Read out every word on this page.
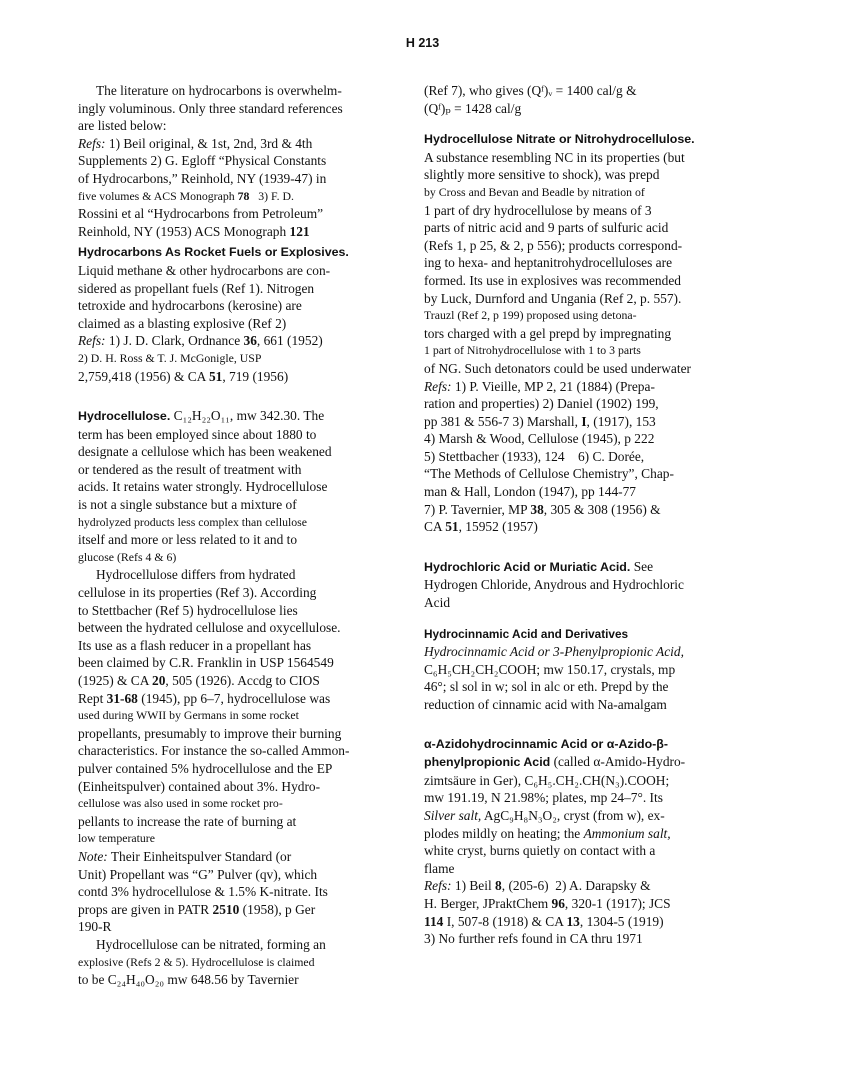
H 213
The literature on hydrocarbons is overwhelm-
ingly voluminous. Only three standard references
are listed below:
Refs: 1) Beil original, & 1st, 2nd, 3rd & 4th
Supplements 2) G. Egloff “Physical Constants
of Hydrocarbons,” Reinhold, NY (1939-47) in
five volumes & ACS Monograph 78   3) F. D.
Rossini et al “Hydrocarbons from Petroleum”
Reinhold, NY (1953) ACS Monograph 121
Hydrocarbons As Rocket Fuels or Explosives.
Liquid methane & other hydrocarbons are con-
sidered as propellant fuels (Ref 1). Nitrogen
tetroxide and hydrocarbons (kerosine) are
claimed as a blasting explosive (Ref 2)
Refs: 1) J. D. Clark, Ordnance 36, 661 (1952)
2) D. H. Ross & T. J. McGonigle, USP
2,759,418 (1956) & CA 51, 719 (1956)
Hydrocellulose. C₁₂H₂₂O₁₁, mw 342.30. The
term has been employed since about 1880 to
designate a cellulose which has been weakened
or tendered as the result of treatment with
acids. It retains water strongly. Hydrocellulose
is not a single substance but a mixture of
hydrolyzed products less complex than cellulose
itself and more or less related to it and to
glucose (Refs 4 & 6)
Hydrocellulose differs from hydrated
cellulose in its properties (Ref 3). According
to Stettbacher (Ref 5) hydrocellulose lies
between the hydrated cellulose and oxycellulose.
Its use as a flash reducer in a propellant has
been claimed by C.R. Franklin in USP 1564549
(1925) & CA 20, 505 (1926). Accdg to CIOS
Rept 31-68 (1945), pp 6–7, hydrocellulose was
used during WWII by Germans in some rocket
propellants, presumably to improve their burning
characteristics. For instance the so-called Ammon-
pulver contained 5% hydrocellulose and the EP
(Einheitspulver) contained about 3%. Hydro-
cellulose was also used in some rocket pro-
pellants to increase the rate of burning at
low temperature
Note: Their Einheitspulver Standard (or
Unit) Propellant was “G” Pulver (qv), which
contd 3% hydrocellulose & 1.5% K-nitrate. Its
props are given in PATR 2510 (1958), p Ger
190-R
Hydrocellulose can be nitrated, forming an
explosive (Refs 2 & 5). Hydrocellulose is claimed
to be C₂₄H₄₀O₂₀ mw 648.56 by Tavernier
(Ref 7), who gives (Qᶠ)ᵥ = 1400 cal/g &
(Qᶠ)ₚ = 1428 cal/g
Hydrocellulose Nitrate or Nitrohydrocellulose.
A substance resembling NC in its properties (but
slightly more sensitive to shock), was prepd
by Cross and Bevan and Beadle by nitration of
1 part of dry hydrocellulose by means of 3
parts of nitric acid and 9 parts of sulfuric acid
(Refs 1, p 25, & 2, p 556); products correspond-
ing to hexa- and heptanitrohydrocelluloses are
formed. Its use in explosives was recommended
by Luck, Durnford and Ungania (Ref 2, p. 557).
Trauzl (Ref 2, p 199) proposed using detona-
tors charged with a gel prepd by impregnating
1 part of Nitrohydrocellulose with 1 to 3 parts
of NG. Such detonators could be used underwater
Refs: 1) P. Vieille, MP 2, 21 (1884) (Prepa-
ration and properties) 2) Daniel (1902) 199,
pp 381 & 556-7 3) Marshall, I, (1917), 153
4) Marsh & Wood, Cellulose (1945), p 222
5) Stettbacher (1933), 124    6) C. Dorée,
“The Methods of Cellulose Chemistry”, Chap-
man & Hall, London (1947), pp 144-77
7) P. Tavernier, MP 38, 305 & 308 (1956) &
CA 51, 15952 (1957)
Hydrochloric Acid or Muriatic Acid. See
Hydrogen Chloride, Anydrous and Hydrochloric
Acid
Hydrocinnamic Acid and Derivatives
Hydrocinnamic Acid or 3-Phenylpropionic Acid,
C₆H₅CH₂CH₂COOH; mw 150.17, crystals, mp
46°; sl sol in w; sol in alc or eth. Prepd by the
reduction of cinnamic acid with Na-amalgam
α-Azidohydrocinnamic Acid or α-Azido-β-
phenylpropionic Acid (called α-Amido-Hydro-
zimtsäure in Ger), C₆H₅.CH₂.CH(N₃).COOH;
mw 191.19, N 21.98%; plates, mp 24–7°. Its
Silver salt, AgC₉H₈N₃O₂, cryst (from w), ex-
plodes mildly on heating; the Ammonium salt,
white cryst, burns quietly on contact with a
flame
Refs: 1) Beil 8, (205-6)  2) A. Darapsky &
H. Berger, JPraktChem 96, 320-1 (1917); JCS
114 I, 507-8 (1918) & CA 13, 1304-5 (1919)
3) No further refs found in CA thru 1971
